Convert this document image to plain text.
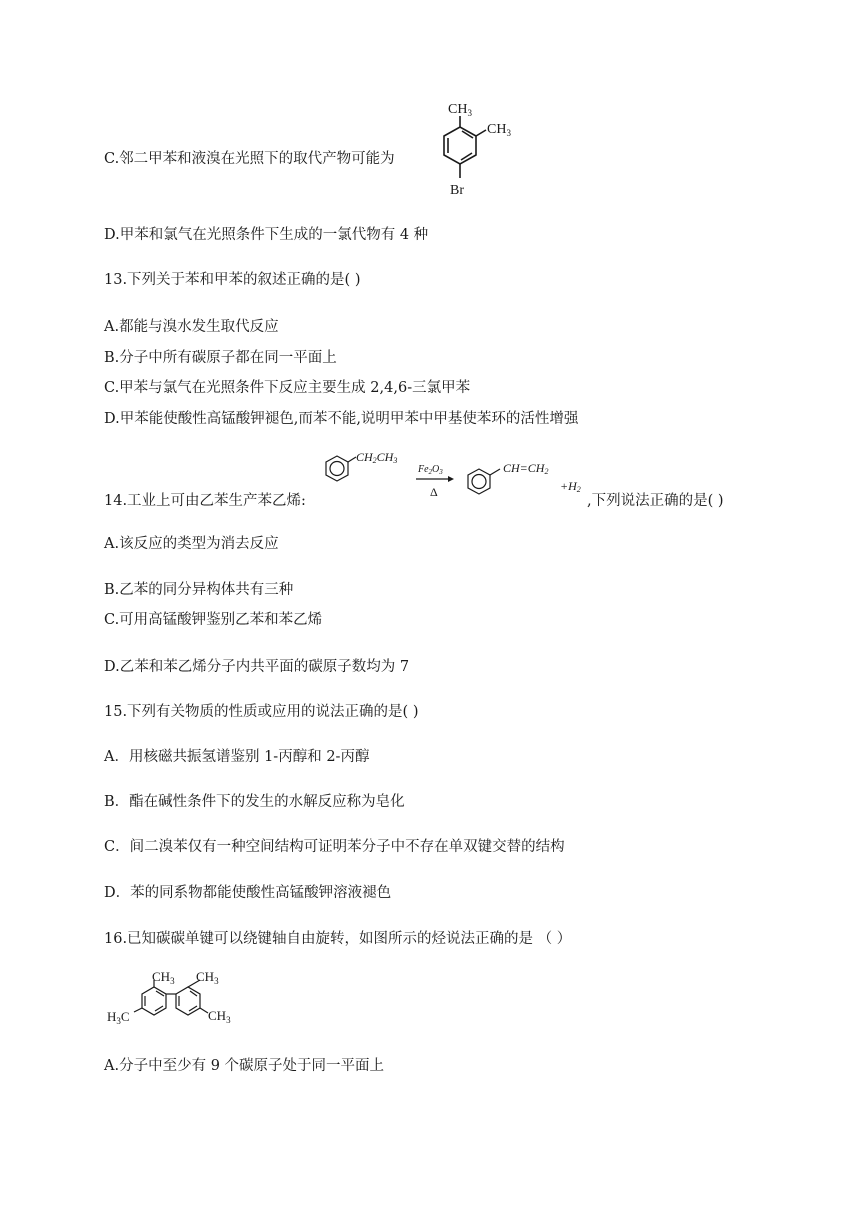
C.邻二甲苯和液溴在光照下的取代产物可能为
$CH_3$
$CH_3$
Br
D.甲苯和氯气在光照条件下生成的一氯代物有 4 种
13.下列关于苯和甲苯的叙述正确的是( )
A.都能与溴水发生取代反应
B.分子中所有碳原子都在同一平面上
C.甲苯与氯气在光照条件下反应主要生成 2,4,6-三氯甲苯
D.甲苯能使酸性高锰酸钾褪色,而苯不能,说明甲苯中甲基使苯环的活性增强
14.工业上可由乙苯生产苯乙烯:
CH2CH3
$Fe_2O_3$
Δ
CH=CH2
+H2
,下列说法正确的是( )
A.该反应的类型为消去反应
B.乙苯的同分异构体共有三种
C.可用高锰酸钾鉴别乙苯和苯乙烯
D.乙苯和苯乙烯分子内共平面的碳原子数均为 7
15.下列有关物质的性质或应用的说法正确的是( )
A．用核磁共振氢谱鉴别 1-丙醇和 2-丙醇
B．酯在碱性条件下的发生的水解反应称为皂化
C．间二溴苯仅有一种空间结构可证明苯分子中不存在单双键交替的结构
D．苯的同系物都能使酸性高锰酸钾溶液褪色
16.已知碳碳单键可以绕键轴自由旋转，如图所示的烃说法正确的是 （ ）
$CH_3$ $CH_3$
$H_3C$	$CH_3$
A.分子中至少有 9 个碳原子处于同一平面上
